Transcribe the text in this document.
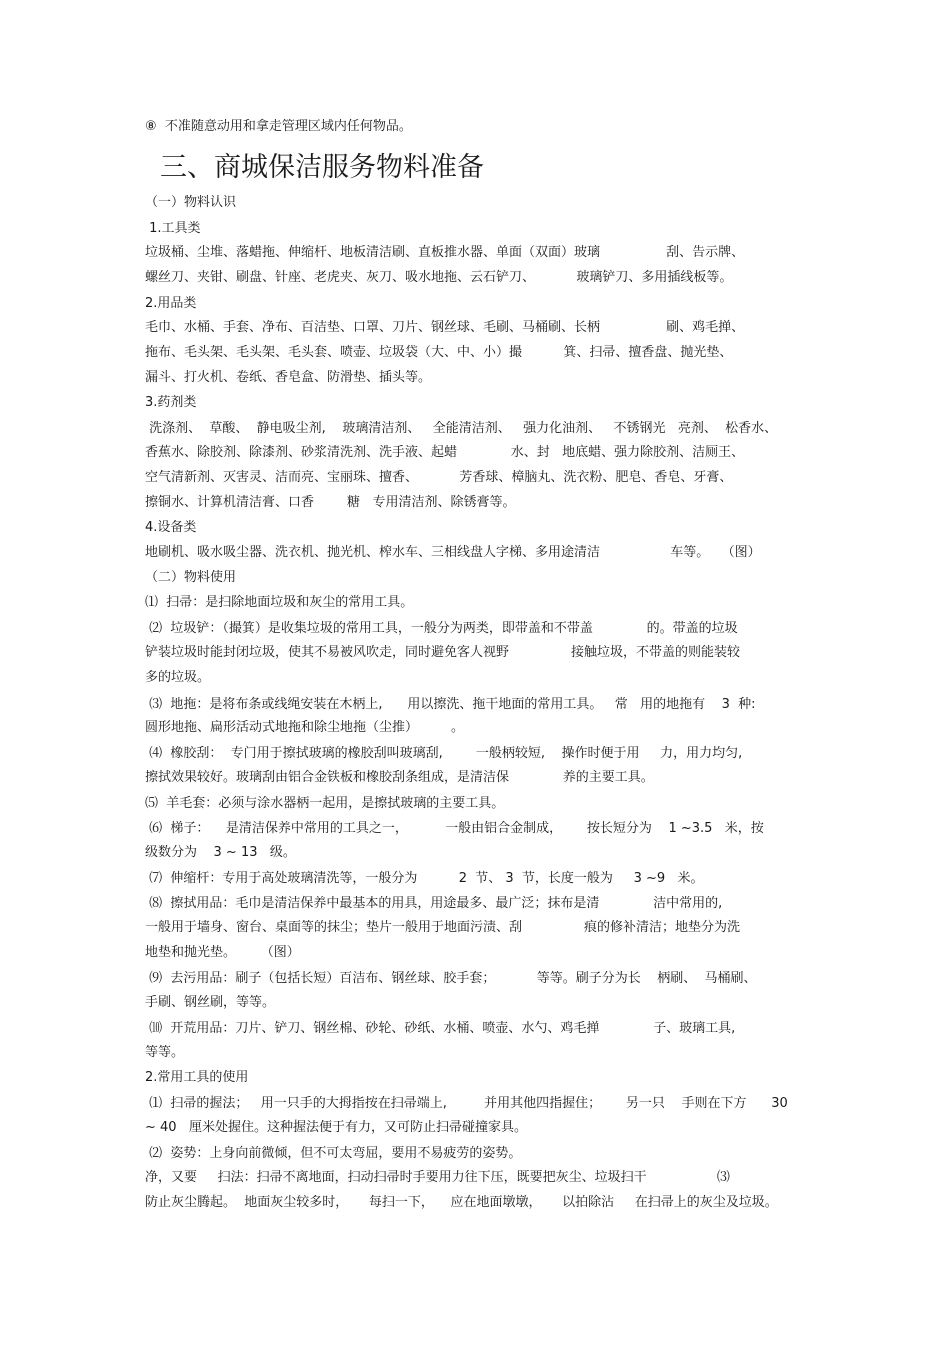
⑧  不准随意动用和拿走管理区域内任何物品。
三、商城保洁服务物料准备
（一）物料认识
1.工具类
垃圾桶、尘堆、落蜡拖、伸缩杆、地板清洁刷、直板推水器、单面（双面）玻璃                刮、告示牌、
螺丝刀、夹钳、刷盘、针座、老虎夹、灰刀、吸水地拖、云石铲刀、          玻璃铲刀、多用插线板等。
2.用品类
毛巾、水桶、手套、净布、百洁垫、口罩、刀片、钢丝球、毛刷、马桶刷、长柄                刷、鸡毛掸、
拖布、毛头架、毛头架、毛头套、喷壶、垃圾袋（大、中、小）撮          箕、扫帚、擅香盘、抛光垫、
漏斗、打火机、卷纸、香皂盒、防滑垫、插头等。
3.药剂类
洗涤剂、  草酸、  静电吸尘剂,    玻璃清洁剂、   全能清洁剂、   强力化油剂、   不锈钢光   亮剂、  松香水、
香蕉水、除胶剂、除漆剂、砂浆清洗剂、洗手液、起蜡             水、封   地底蜡、强力除胶剂、洁厕王、
空气清新剂、灭害灵、洁而亮、宝丽珠、擅香、          芳香球、樟脑丸、洗衣粉、肥皂、香皂、牙膏、
擦铜水、计算机清洁膏、口香        糖   专用清洁剂、除锈膏等。
4.设备类
地刷机、吸水吸尘器、洗衣机、抛光机、榨水车、三相线盘人字梯、多用途清洁                 车等。   （图）
（二）物料使用
⑴  扫帚：是扫除地面垃圾和灰尘的常用工具。
⑵  垃圾铲：（撮箕）是收集垃圾的常用工具，一般分为两类，即带盖和不带盖             的。带盖的垃圾
铲装垃圾时能封闭垃圾，使其不易被风吹走，同时避免客人视野               接触垃圾，不带盖的则能装较
多的垃圾。
⑶  地拖：是将布条或线绳安装在木柄上,      用以擦洗、拖干地面的常用工具。   常   用的地拖有    3  种:
圆形地拖、扁形活动式地拖和除尘地拖（尘推）        。
⑷  橡胶刮：  专门用于擦拭玻璃的橡胶刮叫玻璃刮,        一般柄较短,    操作时便于用     力，用力均匀,
擦拭效果较好。玻璃刮由铝合金铁板和橡胶刮条组成，是清洁保             养的主要工具。
⑸  羊毛套：必须与涂水器柄一起用，是擦拭玻璃的主要工具。
⑹  梯子：    是清洁保养中常用的工具之一，         一般由铝合金制成，      按长短分为    1 ~3.5   米，按
级数分为    3 ~ 13   级。
⑺  伸缩杆：专用于高处玻璃清洗等，一般分为          2  节、 3  节，长度一般为     3 ~9   米。
⑻  擦拭用品：毛巾是清洁保养中最基本的用具，用途最多、最广泛；抹布是清             洁中常用的,
一般用于墙身、窗台、桌面等的抹尘；垫片一般用于地面污渍、刮               痕的修补清洁；地垫分为洗
地垫和抛光垫。      （图）
⑼  去污用品：刷子（包括长短）百洁布、钢丝球、胶手套；          等等。刷子分为长    柄刷、  马桶刷、
手刷、钢丝刷，等等。
⑽  开荒用品：刀片、铲刀、钢丝棉、砂轮、砂纸、水桶、喷壶、水勺、鸡毛掸             子、玻璃工具,
等等。
2.常用工具的使用
⑴  扫帚的握法；   用一只手的大拇指按在扫帚端上,         并用其他四指握住；      另一只    手则在下方      30
~ 40   厘米处握住。这种握法便于有力，又可防止扫帚碰撞家具。
⑵  姿势：上身向前微倾，但不可太弯屈，要用不易疲劳的姿势。
净，又要     扫法：扫帚不离地面，扫动扫帚时手要用力往下压，既要把灰尘、垃圾扫干                 ⑶
防止灰尘腾起。  地面灰尘较多时，     每扫一下，    应在地面墩墩，     以拍除沾     在扫帚上的灰尘及垃圾。
